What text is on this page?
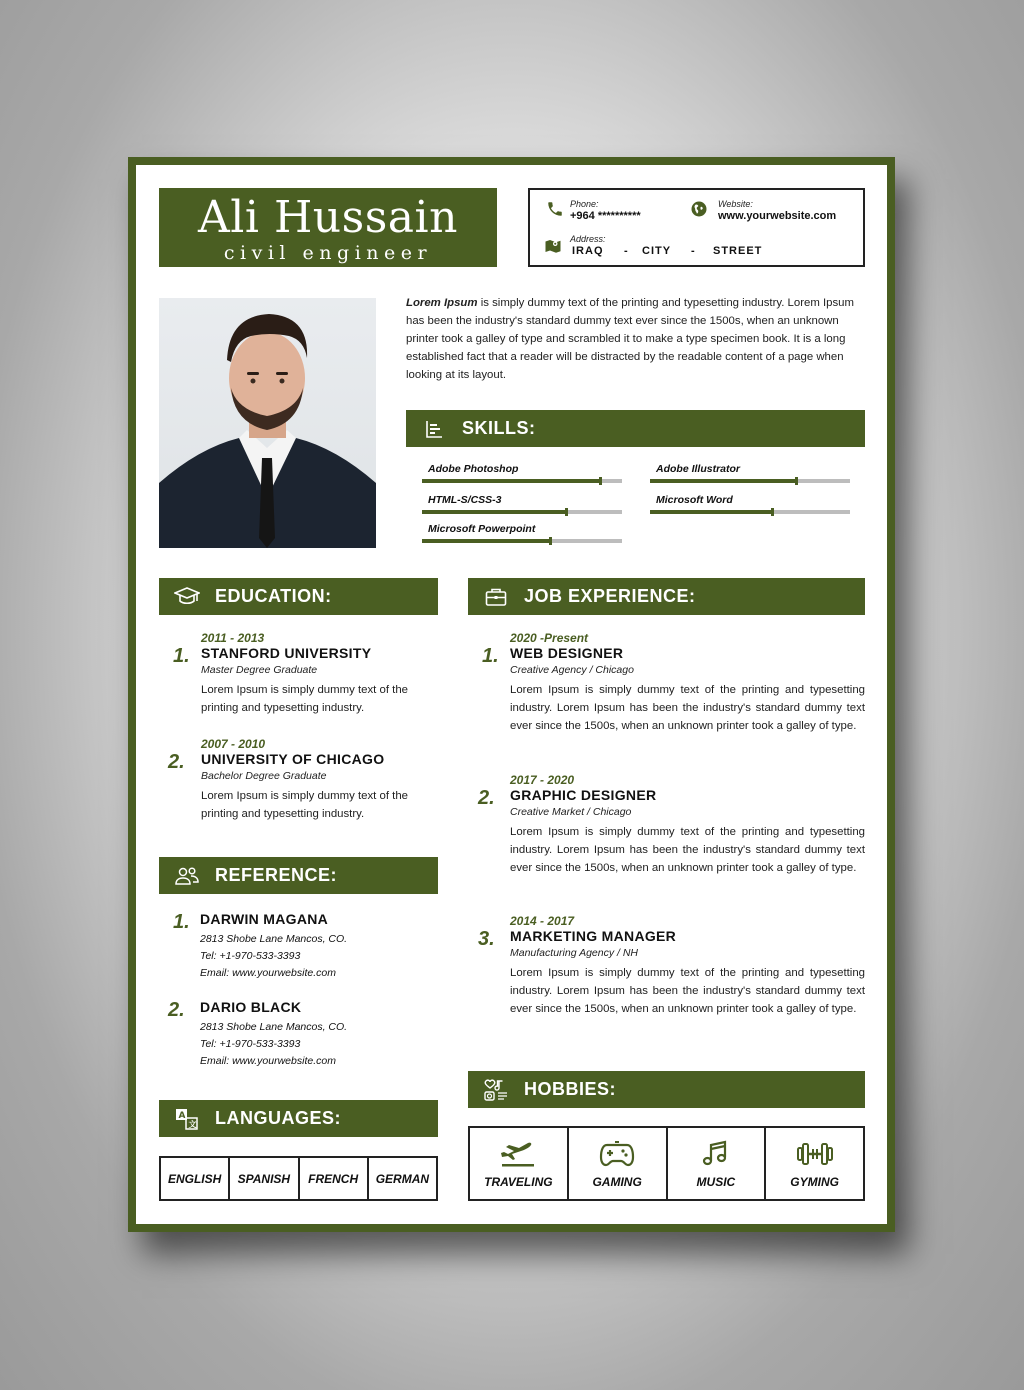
Ali Hussain
civil engineer
Phone:
+964 **********
Website:
www.yourwebsite.com
Address:
IRAQ - CITY - STREET
Lorem Ipsum is simply dummy text of the printing and typesetting industry. Lorem Ipsum has been the industry's standard dummy text ever since the 1500s, when an unknown printer took a galley of type and scrambled it to make a type specimen book. It is a long established fact that a reader will be distracted by the readable content of a page when looking at its layout.
SKILLS:
Adobe Photoshop	Adobe Illustrator
HTML-S/CSS-3	Microsoft Word
Microsoft Powerpoint
EDUCATION:
1.
2011 - 2013
STANFORD UNIVERSITY
Master Degree Graduate
Lorem Ipsum is simply dummy text of the printing and typesetting industry.
2.
2007 - 2010
UNIVERSITY OF CHICAGO
Bachelor Degree Graduate
Lorem Ipsum is simply dummy text of the printing and typesetting industry.
REFERENCE:
1. DARWIN MAGANA
2813 Shobe Lane Mancos, CO.
Tel: +1-970-533-3393
Email: www.yourwebsite.com
2. DARIO BLACK
2813 Shobe Lane Mancos, CO.
Tel: +1-970-533-3393
Email: www.yourwebsite.com
A
文 LANGUAGES:
ENGLISH	SPANISH	FRENCH	GERMAN
JOB EXPERIENCE:
1.
2020 -Present
WEB DESIGNER
Creative Agency / Chicago
Lorem Ipsum is simply dummy text of the printing and typesetting industry. Lorem Ipsum has been the industry's standard dummy text ever since the 1500s, when an unknown printer took a galley of type.
2.
2017 - 2020
GRAPHIC DESIGNER
Creative Market / Chicago
Lorem Ipsum is simply dummy text of the printing and typesetting industry. Lorem Ipsum has been the industry's standard dummy text ever since the 1500s, when an unknown printer took a galley of type.
3.
2014 - 2017
MARKETING MANAGER
Manufacturing Agency / NH
Lorem Ipsum is simply dummy text of the printing and typesetting industry. Lorem Ipsum has been the industry's standard dummy text ever since the 1500s, when an unknown printer took a galley of type.
HOBBIES:
TRAVELING	GAMING	MUSIC	GYMING
